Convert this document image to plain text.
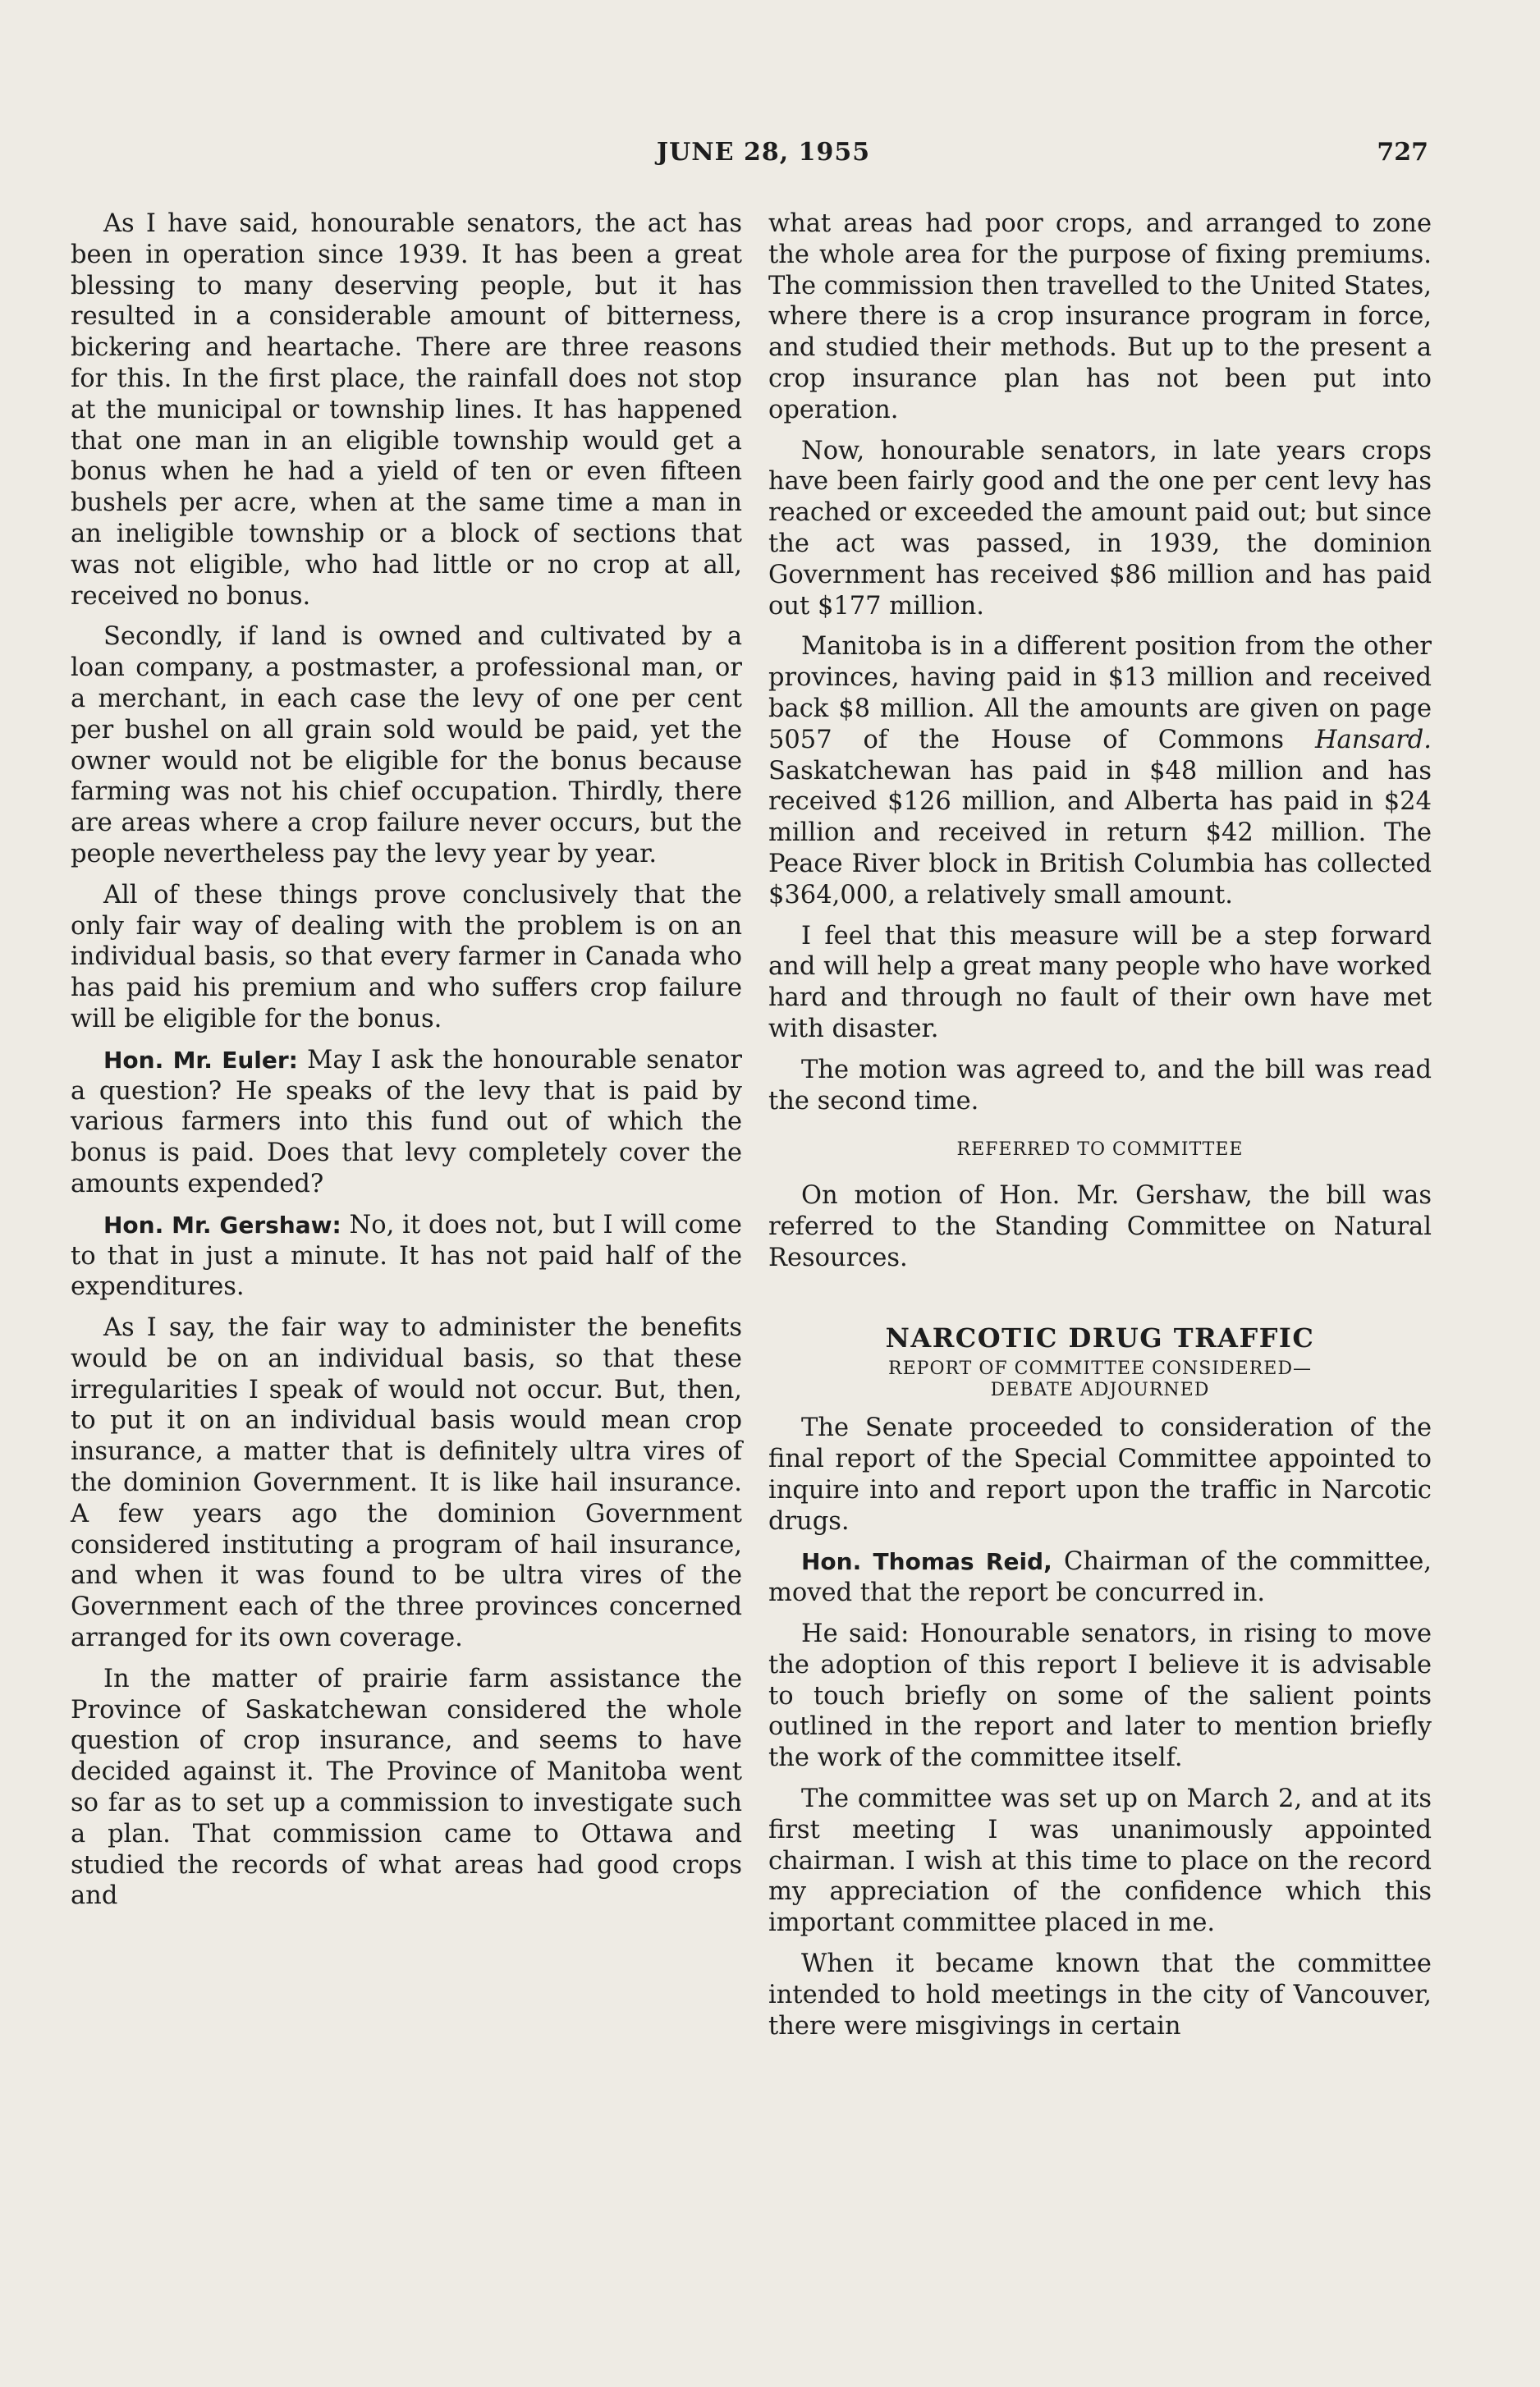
JUNE 28, 1955	727

As I have said, honourable senators, the act has been in operation since 1939. It has been a great blessing to many deserving people, but it has resulted in a considerable amount of bitterness, bickering and heartache. There are three reasons for this. In the first place, the rainfall does not stop at the municipal or township lines. It has happened that one man in an eligible township would get a bonus when he had a yield of ten or even fifteen bushels per acre, when at the same time a man in an ineligible township or a block of sections that was not eligible, who had little or no crop at all, received no bonus.

Secondly, if land is owned and cultivated by a loan company, a postmaster, a professional man, or a merchant, in each case the levy of one per cent per bushel on all grain sold would be paid, yet the owner would not be eligible for the bonus because farming was not his chief occupation. Thirdly, there are areas where a crop failure never occurs, but the people nevertheless pay the levy year by year.

All of these things prove conclusively that the only fair way of dealing with the problem is on an individual basis, so that every farmer in Canada who has paid his premium and who suffers crop failure will be eligible for the bonus.

Hon. Mr. Euler: May I ask the honourable senator a question? He speaks of the levy that is paid by various farmers into this fund out of which the bonus is paid. Does that levy completely cover the amounts expended?

Hon. Mr. Gershaw: No, it does not, but I will come to that in just a minute. It has not paid half of the expenditures.

As I say, the fair way to administer the benefits would be on an individual basis, so that these irregularities I speak of would not occur. But, then, to put it on an individual basis would mean crop insurance, a matter that is definitely ultra vires of the dominion Government. It is like hail insurance. A few years ago the dominion Government considered instituting a program of hail insurance, and when it was found to be ultra vires of the Government each of the three provinces concerned arranged for its own coverage.

In the matter of prairie farm assistance the Province of Saskatchewan considered the whole question of crop insurance, and seems to have decided against it. The Province of Manitoba went so far as to set up a commission to investigate such a plan. That commission came to Ottawa and studied the records of what areas had good crops and

what areas had poor crops, and arranged to zone the whole area for the purpose of fixing premiums. The commission then travelled to the United States, where there is a crop insurance program in force, and studied their methods. But up to the present a crop insurance plan has not been put into operation.

Now, honourable senators, in late years crops have been fairly good and the one per cent levy has reached or exceeded the amount paid out; but since the act was passed, in 1939, the dominion Government has received $86 million and has paid out $177 million.

Manitoba is in a different position from the other provinces, having paid in $13 million and received back $8 million. All the amounts are given on page 5057 of the House of Commons Hansard. Saskatchewan has paid in $48 million and has received $126 million, and Alberta has paid in $24 million and received in return $42 million. The Peace River block in British Columbia has collected $364,000, a relatively small amount.

I feel that this measure will be a step forward and will help a great many people who have worked hard and through no fault of their own have met with disaster.

The motion was agreed to, and the bill was read the second time.

REFERRED TO COMMITTEE

On motion of Hon. Mr. Gershaw, the bill was referred to the Standing Committee on Natural Resources.

NARCOTIC DRUG TRAFFIC
REPORT OF COMMITTEE CONSIDERED—
DEBATE ADJOURNED

The Senate proceeded to consideration of the final report of the Special Committee appointed to inquire into and report upon the traffic in Narcotic drugs.

Hon. Thomas Reid, Chairman of the committee, moved that the report be concurred in.

He said: Honourable senators, in rising to move the adoption of this report I believe it is advisable to touch briefly on some of the salient points outlined in the report and later to mention briefly the work of the committee itself.

The committee was set up on March 2, and at its first meeting I was unanimously appointed chairman. I wish at this time to place on the record my appreciation of the confidence which this important committee placed in me.

When it became known that the committee intended to hold meetings in the city of Vancouver, there were misgivings in certain
